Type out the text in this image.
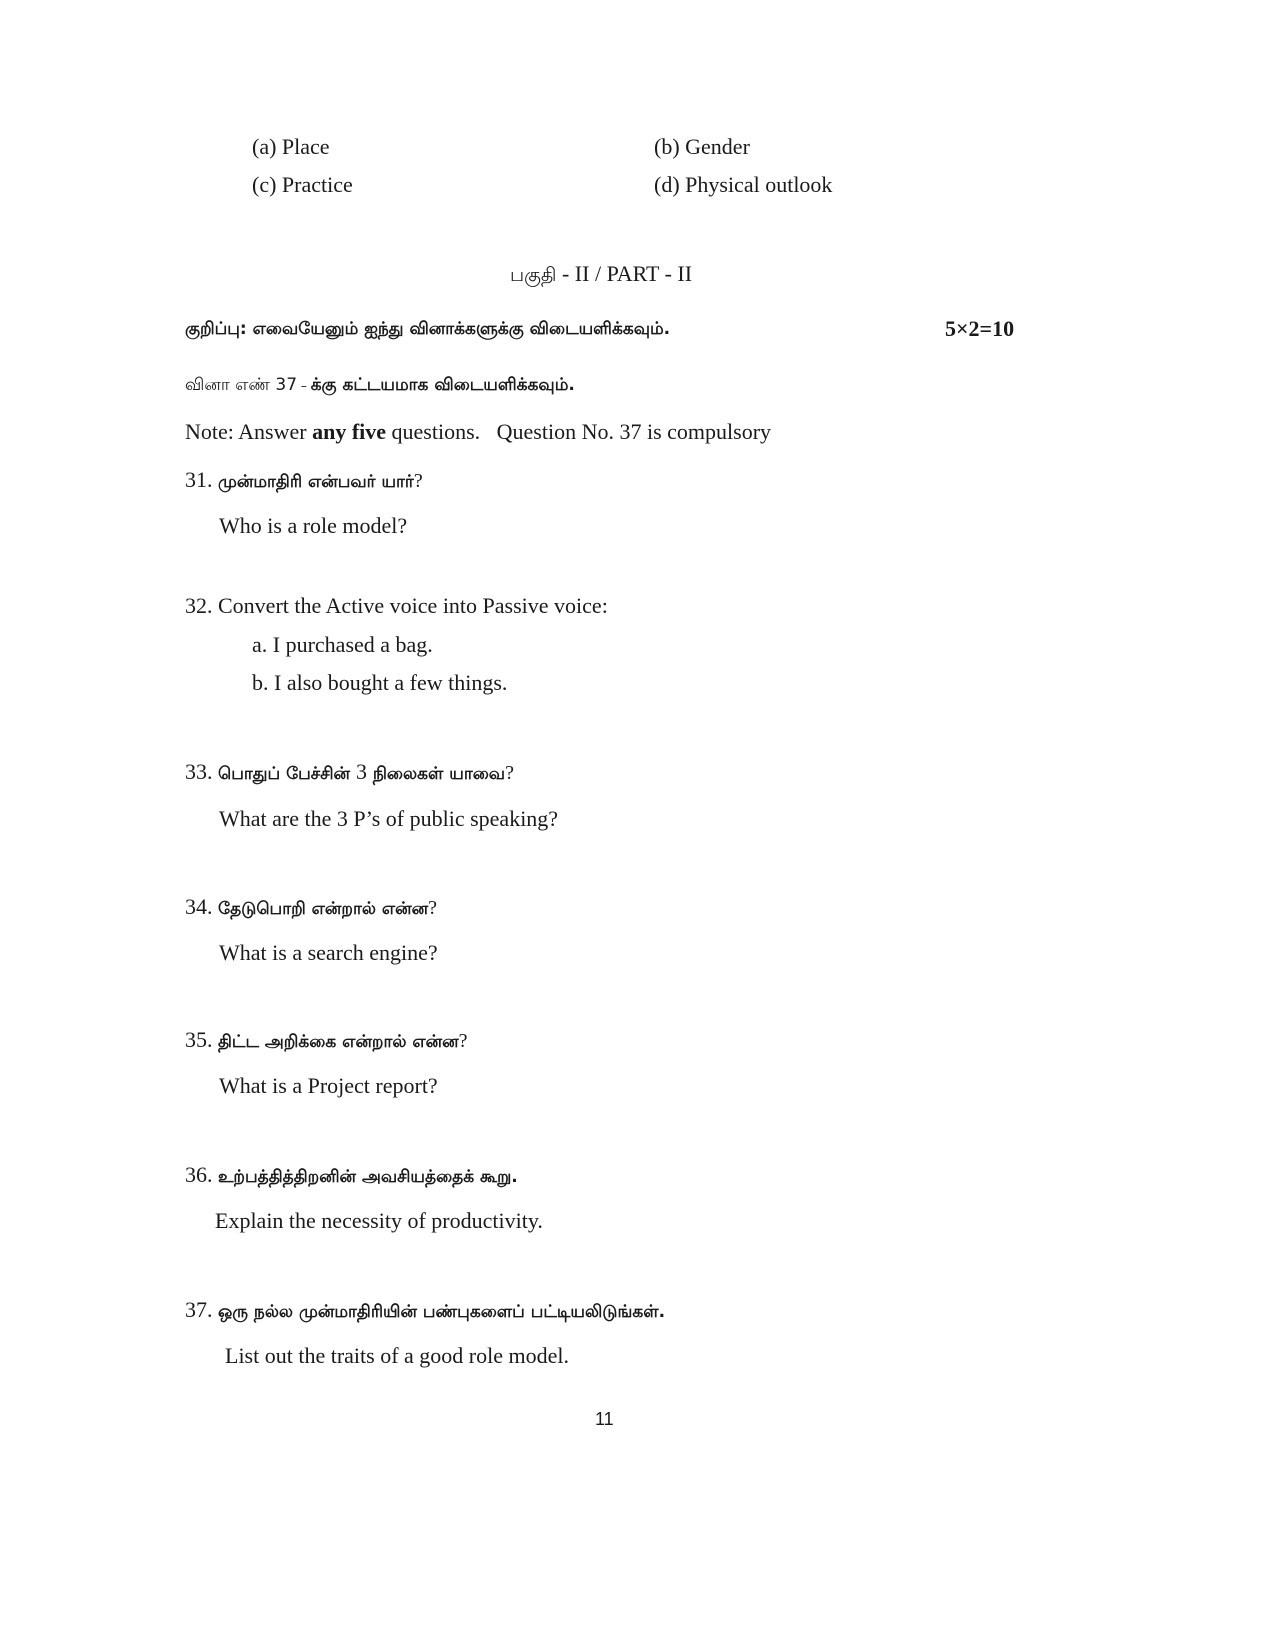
(a) Place	(b) Gender
(c) Practice	(d) Physical outlook
பகுதி - II / PART - II
குறிப்பு: எவையேனும் ஐந்து வினாக்களுக்கு விடையளிக்கவும்.	5×2=10
வினா எண் 37 – க்கு கட்டயமாக விடையளிக்கவும்.
Note: Answer any five questions.   Question No. 37 is compulsory
31. முன்மாதிரி என்பவர் யார்?
Who is a role model?
32. Convert the Active voice into Passive voice:
a. I purchased a bag.
b. I also bought a few things.
33. பொதுப் பேச்சின் 3 நிலைகள் யாவை?
What are the 3 P’s of public speaking?
34. தேடுபொறி என்றால் என்ன?
What is a search engine?
35. திட்ட அறிக்கை என்றால் என்ன?
What is a Project report?
36. உற்பத்தித்திறனின் அவசியத்தைக் கூறு.
Explain the necessity of productivity.
37. ஒரு நல்ல முன்மாதிரியின் பண்புகளைப் பட்டியலிடுங்கள்.
List out the traits of a good role model.
11
